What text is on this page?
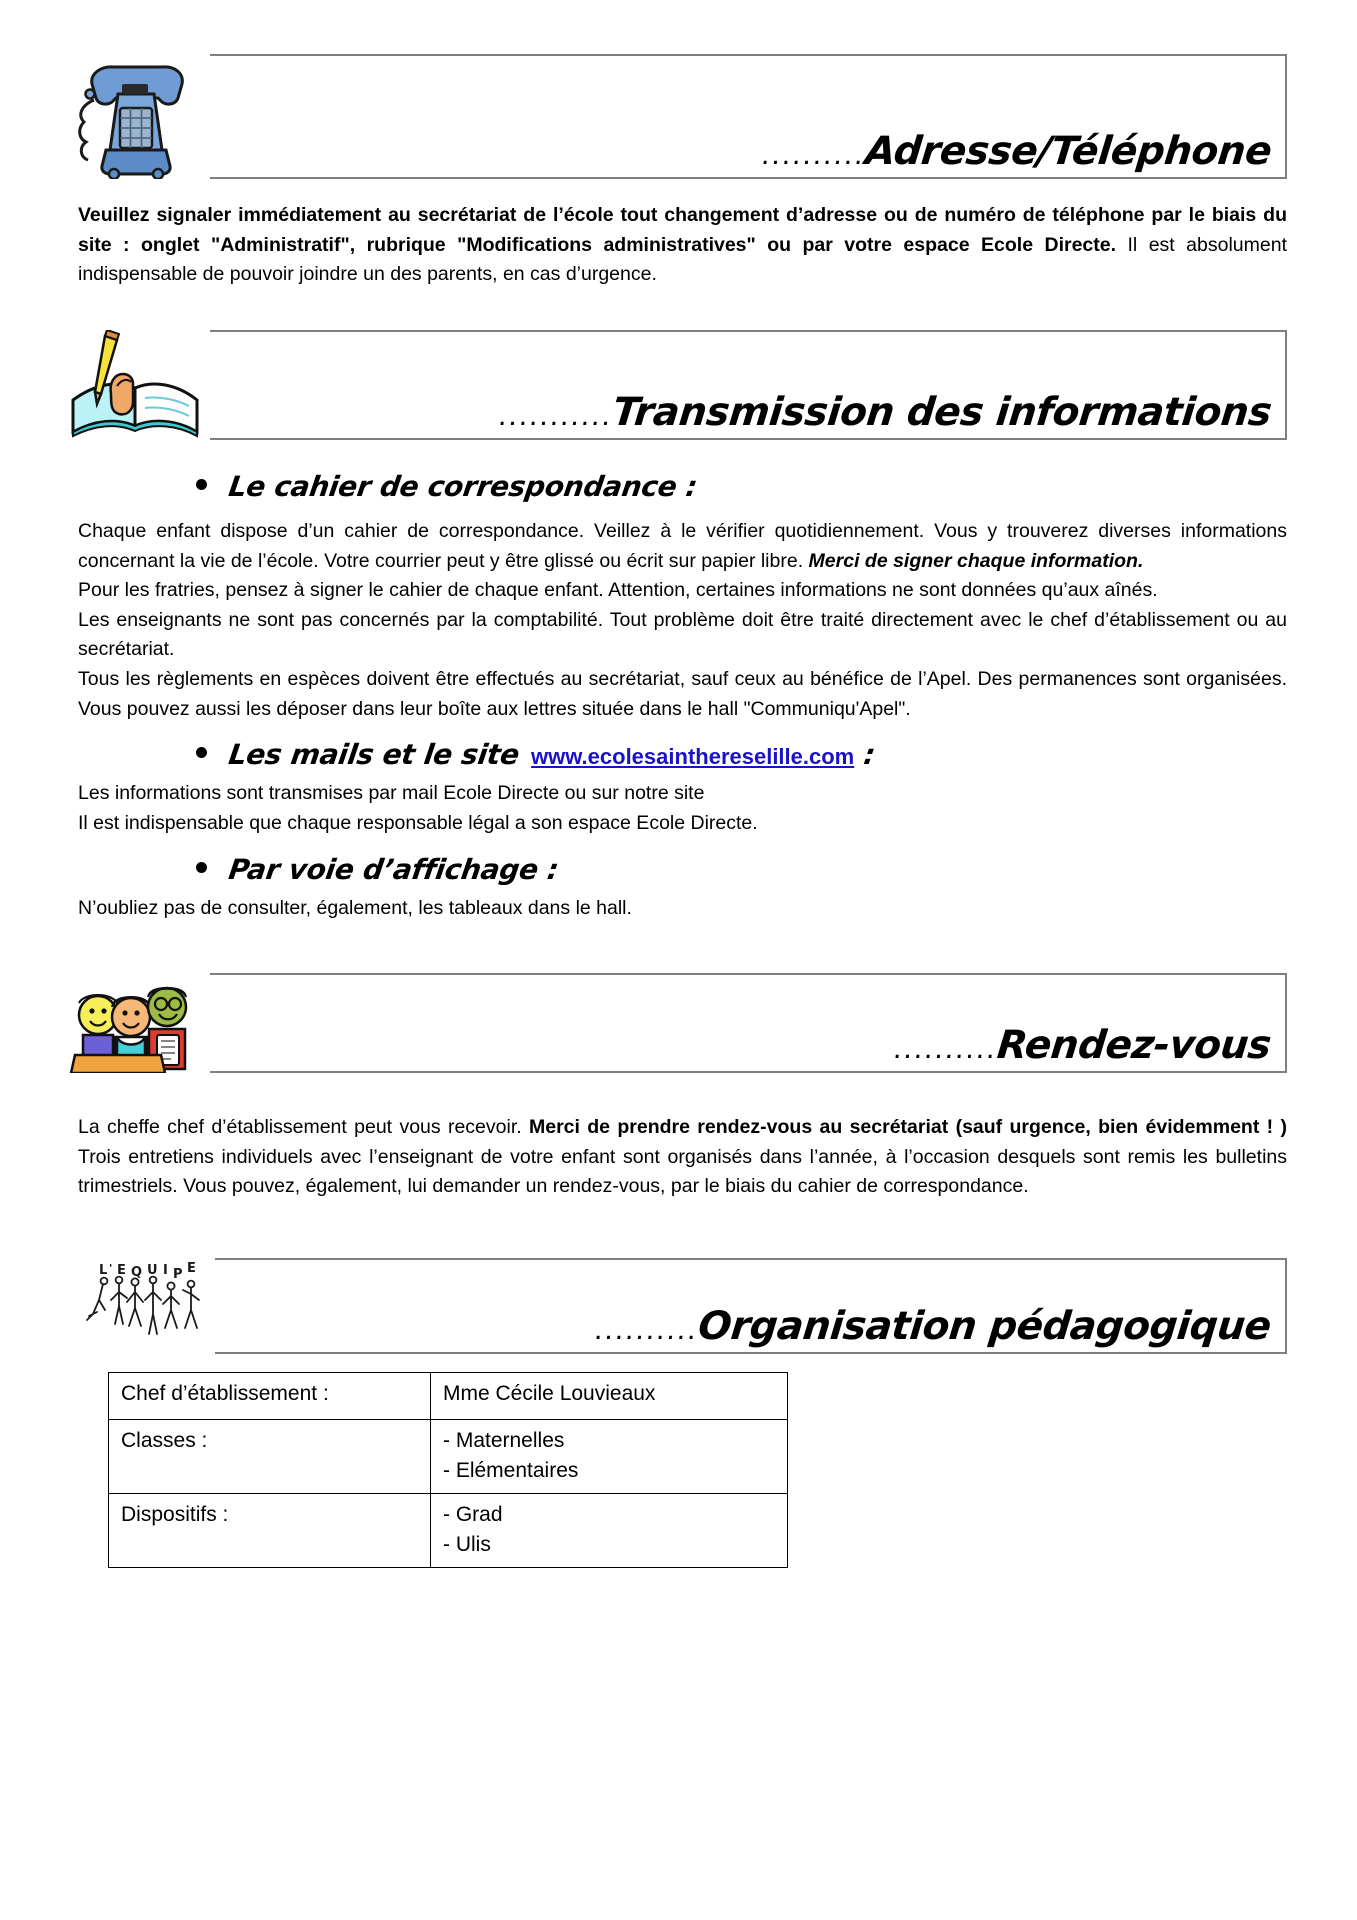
..........Adresse/Téléphone

Veuillez signaler immédiatement au secrétariat de l’école tout changement d’adresse ou de numéro de téléphone par le biais du site : onglet "Administratif", rubrique "Modifications administratives" ou par votre espace Ecole Directe. Il est absolument indispensable de pouvoir joindre un des parents, en cas d’urgence.

...........Transmission des informations
Le cahier de correspondance :

Chaque enfant dispose d’un cahier de correspondance. Veillez à le vérifier quotidiennement. Vous y trouverez diverses informations concernant la vie de l’école. Votre courrier peut y être glissé ou écrit sur papier libre. Merci de signer chaque information.

Pour les fratries, pensez à signer le cahier de chaque enfant. Attention, certaines informations ne sont données qu’aux aînés.

Les enseignants ne sont pas concernés par la comptabilité. Tout problème doit être traité directement avec le chef d’établissement ou au secrétariat.

Tous les règlements en espèces doivent être effectués au secrétariat, sauf ceux au bénéfice de l’Apel. Des permanences sont organisées. Vous pouvez aussi les déposer dans leur boîte aux lettres située dans le hall "Communiqu'Apel".

Les mails et le site www.ecolesainthereselille.com :

Les informations sont transmises par mail Ecole Directe ou sur notre site

Il est indispensable que chaque responsable légal a son espace Ecole Directe.

Par voie d’affichage :

N’oubliez pas de consulter, également, les tableaux dans le hall.

..........Rendez-vous

La cheffe chef d’établissement peut vous recevoir. Merci de prendre rendez-vous au secrétariat (sauf urgence, bien évidemment ! ) Trois entretiens individuels avec l’enseignant de votre enfant sont organisés dans l’année, à l’occasion desquels sont remis les bulletins trimestriels. Vous pouvez, également, lui demander un rendez-vous, par le biais du cahier de correspondance.

L ' E Q U I P E
..........Organisation pédagogique
Chef d’établissement :	Mme Cécile Louvieaux
Classes :	- Maternelles
- Elémentaires

Dispositifs :	- Grad
- Ulis
